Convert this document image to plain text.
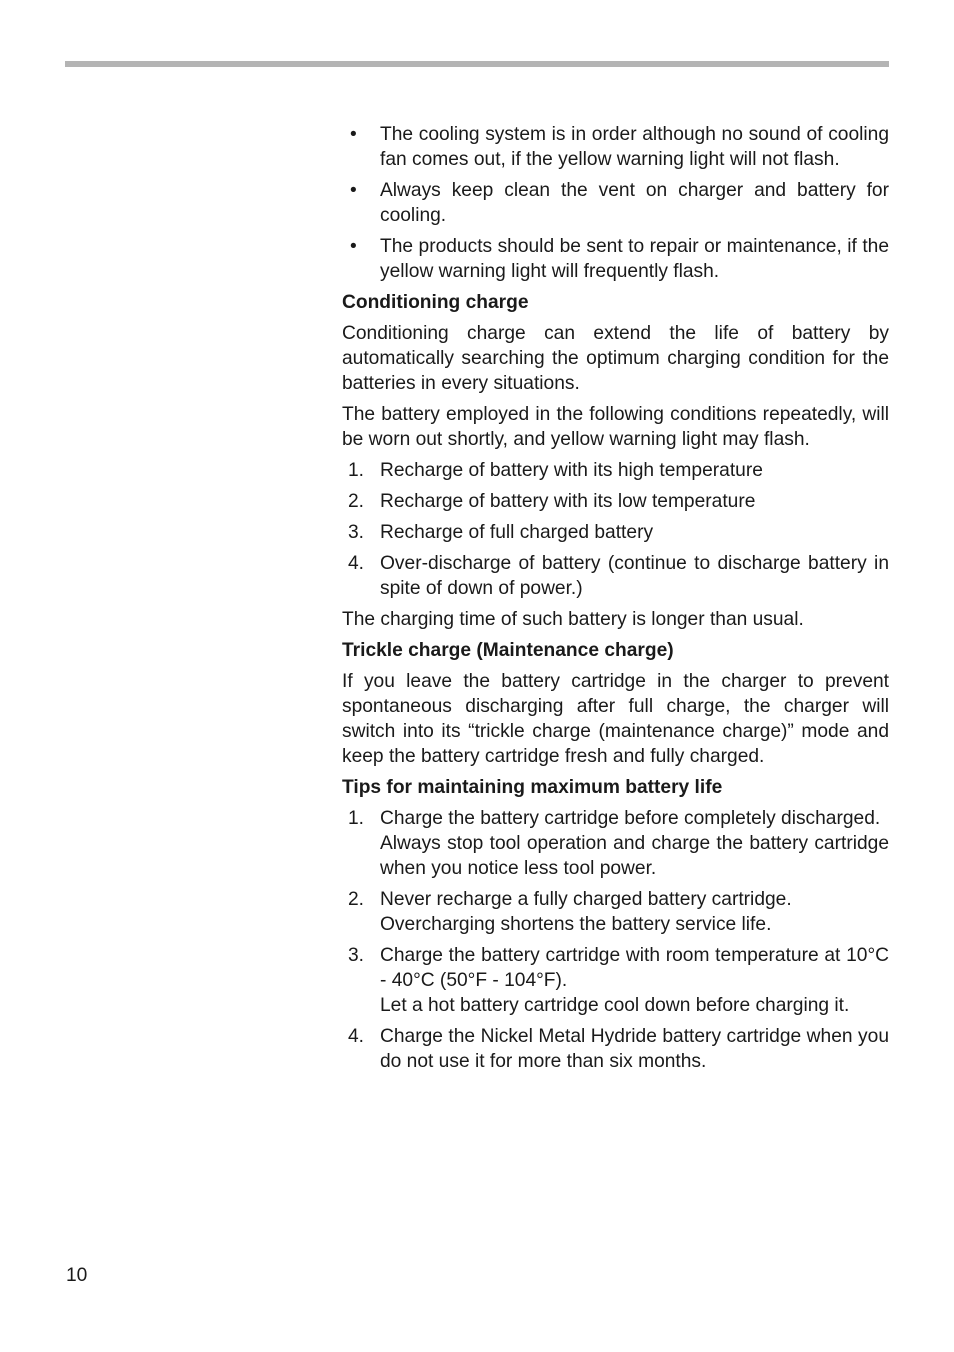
• The cooling system is in order although no sound of cooling fan comes out, if the yellow warning light will not flash.
• Always keep clean the vent on charger and battery for cooling.
• The products should be sent to repair or maintenance, if the yellow warning light will frequently flash.

Conditioning charge

Conditioning charge can extend the life of battery by automatically searching the optimum charging condition for the batteries in every situations.

The battery employed in the following conditions repeatedly, will be worn out shortly, and yellow warning light may flash.

1. Recharge of battery with its high temperature
2. Recharge of battery with its low temperature
3. Recharge of full charged battery
4. Over-discharge of battery (continue to discharge battery in spite of down of power.)

The charging time of such battery is longer than usual.

Trickle charge (Maintenance charge)

If you leave the battery cartridge in the charger to prevent spontaneous discharging after full charge, the charger will switch into its “trickle charge (maintenance charge)” mode and keep the battery cartridge fresh and fully charged.

Tips for maintaining maximum battery life

1. Charge the battery cartridge before completely discharged.
Always stop tool operation and charge the battery cartridge when you notice less tool power.
2. Never recharge a fully charged battery cartridge.
Overcharging shortens the battery service life.
3. Charge the battery cartridge with room temperature at 10°C - 40°C (50°F - 104°F).
Let a hot battery cartridge cool down before charging it.
4. Charge the Nickel Metal Hydride battery cartridge when you do not use it for more than six months.
10
